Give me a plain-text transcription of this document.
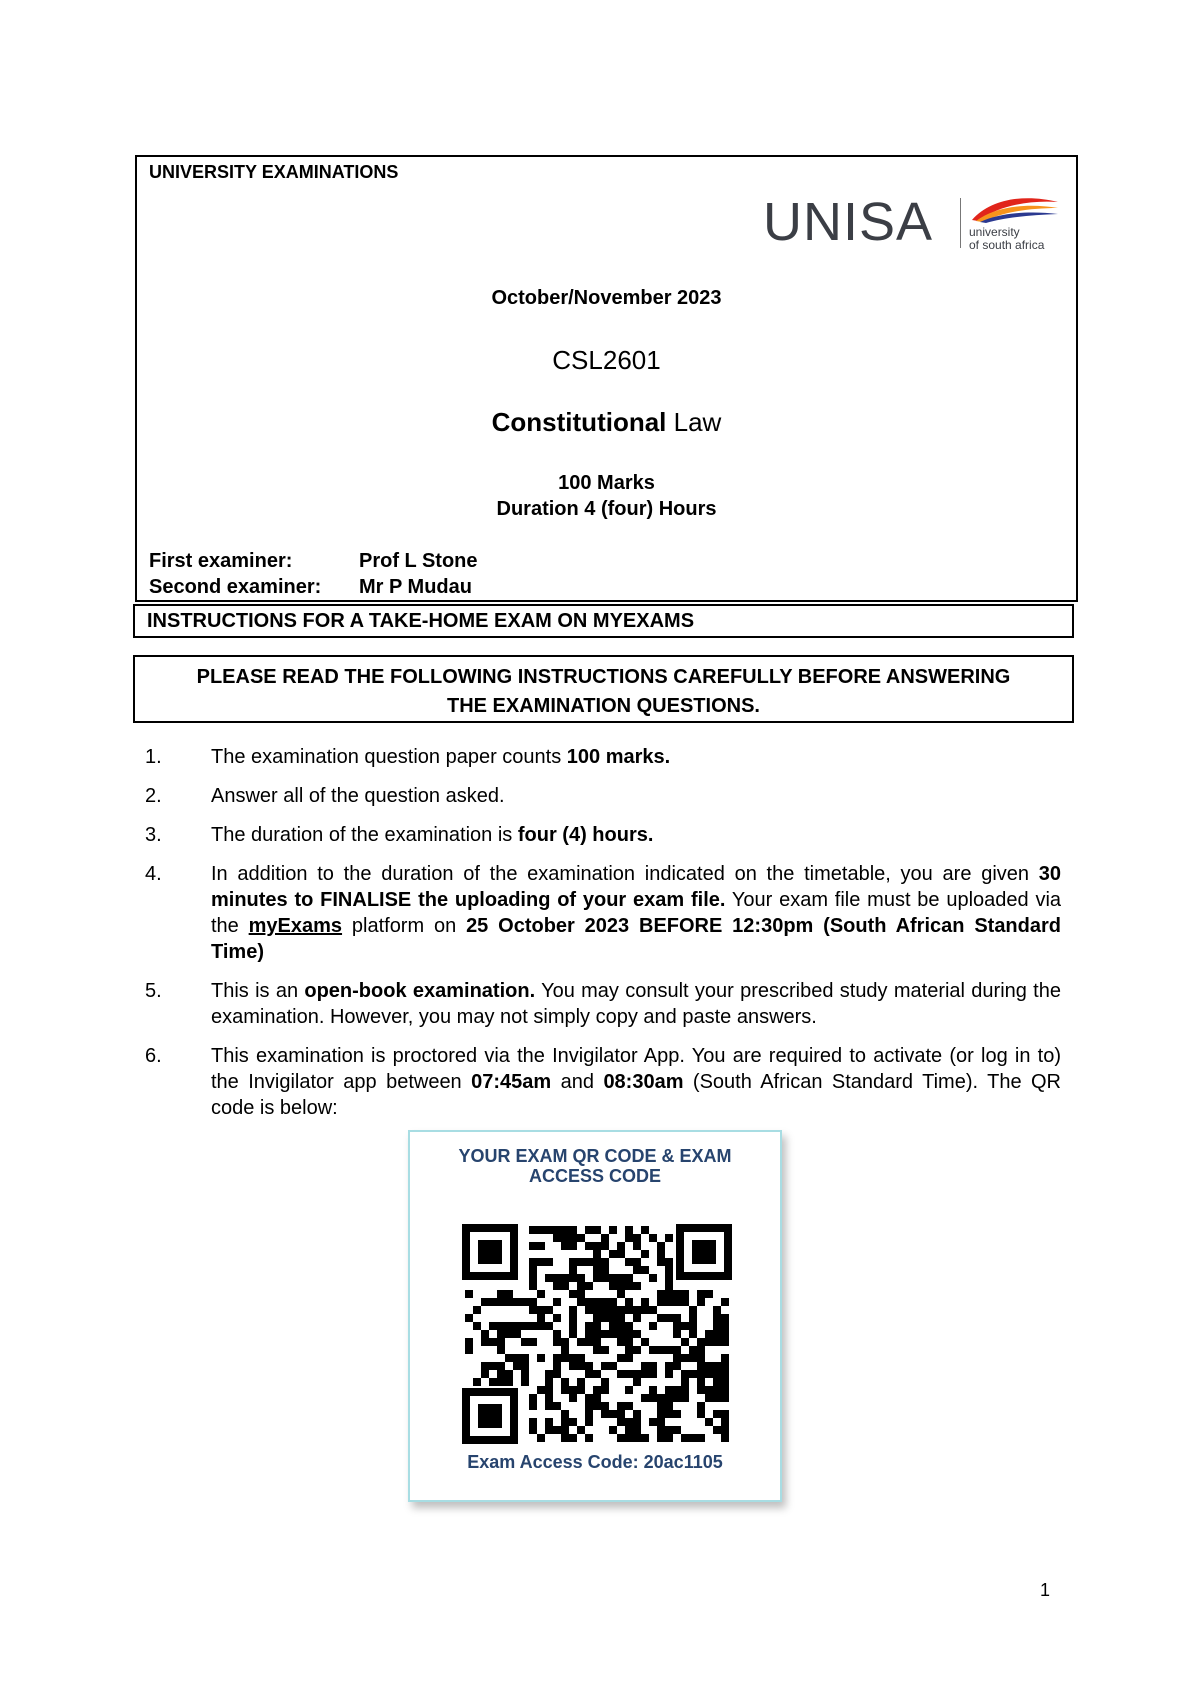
UNIVERSITY EXAMINATIONS
UNISA	university
of south africa
October/November 2023
CSL2601
Constitutional Law
100 Marks
Duration 4 (four) Hours
First examiner:	Prof L Stone
Second examiner: Mr P Mudau
INSTRUCTIONS FOR A TAKE-HOME EXAM ON MYEXAMS
PLEASE READ THE FOLLOWING INSTRUCTIONS CAREFULLY BEFORE ANSWERING
THE EXAMINATION QUESTIONS.
1. The examination question paper counts 100 marks.
2. Answer all of the question asked.
3. The duration of the examination is four (4) hours.
4. In addition to the duration of the examination indicated on the timetable, you are given 30 minutes to FINALISE the uploading of your exam file. Your exam file must be uploaded via the myExams platform on 25 October 2023 BEFORE 12:30pm (South African Standard Time)
5. This is an open-book examination. You may consult your prescribed study material during the examination. However, you may not simply copy and paste answers.
6. This examination is proctored via the Invigilator App. You are required to activate (or log in to) the Invigilator app between 07:45am and 08:30am (South African Standard Time). The QR code is below:
YOUR EXAM QR CODE & EXAM
ACCESS CODE
Exam Access Code: 20ac1105
1
